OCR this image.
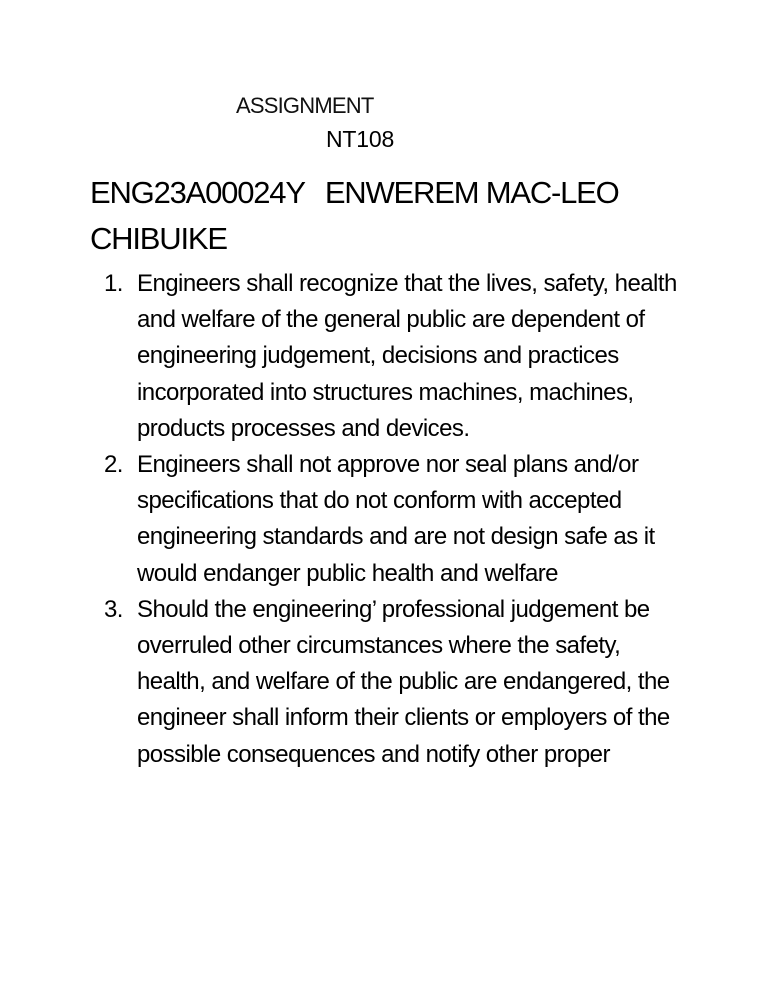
ASSIGNMENT
NT108
ENG23A00024Y ENWEREM MAC-LEO CHIBUIKE
1. Engineers shall recognize that the lives, safety, health and welfare of the general public are dependent of engineering judgement, decisions and practices incorporated into structures machines, machines, products processes and devices.
2. Engineers shall not approve nor seal plans and/or specifications that do not conform with accepted engineering standards and are not design safe as it would endanger public health and welfare
3. Should the engineering’ professional judgement be overruled other circumstances where the safety, health, and welfare of the public are endangered, the engineer shall inform their clients or employers of the possible consequences and notify other proper
